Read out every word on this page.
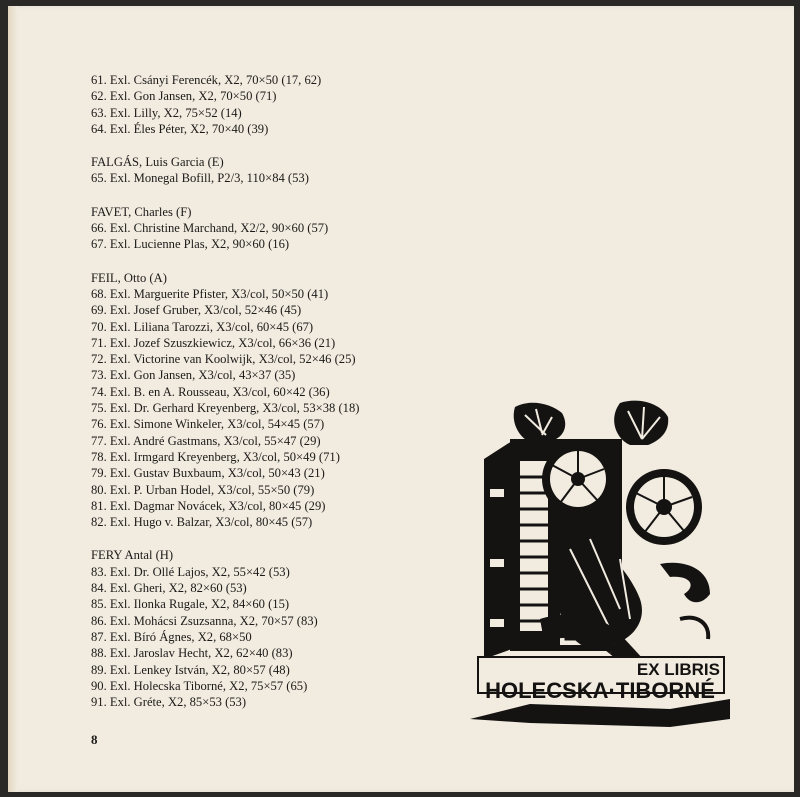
61. Exl. Csányi Ferencék, X2, 70×50 (17, 62)
62. Exl. Gon Jansen, X2, 70×50 (71)
63. Exl. Lilly, X2, 75×52 (14)
64. Exl. Éles Péter, X2, 70×40 (39)
FALGÁS, Luis Garcia (E)
65. Exl. Monegal Bofill, P2/3, 110×84 (53)
FAVET, Charles (F)
66. Exl. Christine Marchand, X2/2, 90×60 (57)
67. Exl. Lucienne Plas, X2, 90×60 (16)
FEIL, Otto (A)
68. Exl. Marguerite Pfister, X3/col, 50×50 (41)
69. Exl. Josef Gruber, X3/col, 52×46 (45)
70. Exl. Liliana Tarozzi, X3/col, 60×45 (67)
71. Exl. Jozef Szuszkiewicz, X3/col, 66×36 (21)
72. Exl. Victorine van Koolwijk, X3/col, 52×46 (25)
73. Exl. Gon Jansen, X3/col, 43×37 (35)
74. Exl. B. en A. Rousseau, X3/col, 60×42 (36)
75. Exl. Dr. Gerhard Kreyenberg, X3/col, 53×38 (18)
76. Exl. Simone Winkeler, X3/col, 54×45 (57)
77. Exl. André Gastmans, X3/col, 55×47 (29)
78. Exl. Irmgard Kreyenberg, X3/col, 50×49 (71)
79. Exl. Gustav Buxbaum, X3/col, 50×43 (21)
80. Exl. P. Urban Hodel, X3/col, 55×50 (79)
81. Exl. Dagmar Novácek, X3/col, 80×45 (29)
82. Exl. Hugo v. Balzar, X3/col, 80×45 (57)
FERY Antal (H)
83. Exl. Dr. Ollé Lajos, X2, 55×42 (53)
84. Exl. Gheri, X2, 82×60 (53)
85. Exl. Ilonka Rugale, X2, 84×60 (15)
86. Exl. Mohácsi Zsuzsanna, X2, 70×57 (83)
87. Exl. Bíró Ágnes, X2, 68×50
88. Exl. Jaroslav Hecht, X2, 62×40 (83)
89. Exl. Lenkey István, X2, 80×57 (48)
90. Exl. Holecska Tiborné, X2, 75×57 (65)
91. Exl. Gréte, X2, 85×53 (53)
8
EX LIBRIS
HOLECSKA·TIBORNÉ
